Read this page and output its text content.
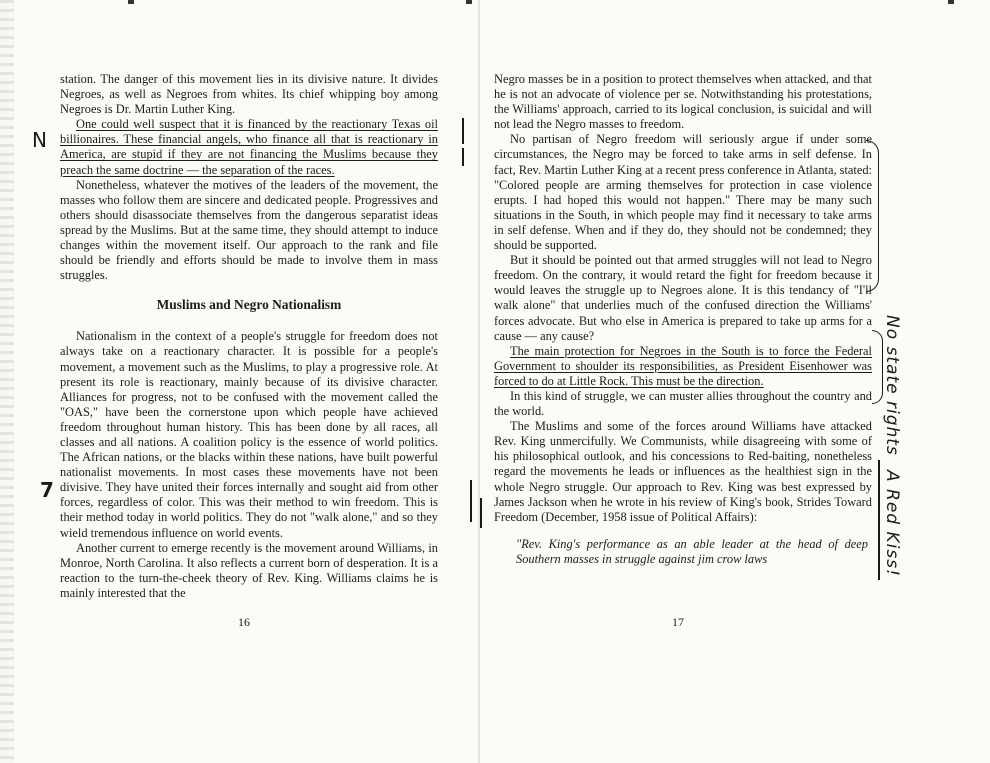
station. The danger of this movement lies in its divisive nature. It divides Negroes, as well as Negroes from whites. Its chief whipping boy among Negroes is Dr. Martin Luther King.

One could well suspect that it is financed by the reactionary Texas oil billionaires. These financial angels, who finance all that is reactionary in America, are stupid if they are not financing the Muslims because they preach the same doctrine — the separation of the races.

Nonetheless, whatever the motives of the leaders of the movement, the masses who follow them are sincere and dedicated people. Progressives and others should disassociate themselves from the dangerous separatist ideas spread by the Muslims. But at the same time, they should attempt to induce changes within the movement itself. Our approach to the rank and file should be friendly and efforts should be made to involve them in mass struggles.

Muslims and Negro Nationalism

Nationalism in the context of a people's struggle for freedom does not always take on a reactionary character. It is possible for a people's movement, a movement such as the Muslims, to play a progressive role. At present its role is reactionary, mainly because of its divisive character. Alliances for progress, not to be confused with the movement called the "OAS," have been the cornerstone upon which people have achieved freedom throughout human history. This has been done by all races, all classes and all nations. A coalition policy is the essence of world politics. The African nations, or the blacks within these nations, have built powerful nationalist movements. In most cases these movements have not been divisive. They have united their forces internally and sought aid from other forces, regardless of color. This was their method to win freedom. This is their method today in world politics. They do not "walk alone," and so they wield tremendous influence on world events.

Another current to emerge recently is the movement around Williams, in Monroe, North Carolina. It also reflects a current born of desperation. It is a reaction to the turn-the-cheek theory of Rev. King. Williams claims he is mainly interested that the

16

Negro masses be in a position to protect themselves when attacked, and that he is not an advocate of violence per se. Notwithstanding his protestations, the Williams' approach, carried to its logical conclusion, is suicidal and will not lead the Negro masses to freedom.

No partisan of Negro freedom will seriously argue if under some circumstances, the Negro may be forced to take arms in self defense. In fact, Rev. Martin Luther King at a recent press conference in Atlanta, stated: "Colored people are arming themselves for protection in case violence erupts. I had hoped this would not happen." There may be many such situations in the South, in which people may find it necessary to take arms in self defense. When and if they do, they should not be condemned; they should be supported.

But it should be pointed out that armed struggles will not lead to Negro freedom. On the contrary, it would retard the fight for freedom because it would leaves the struggle up to Negroes alone. It is this tendancy of "I'll walk alone" that underlies much of the confused direction the Williams' forces advocate. But who else in America is prepared to take up arms for a cause — any cause?

The main protection for Negroes in the South is to force the Federal Government to shoulder its responsibilities, as President Eisenhower was forced to do at Little Rock. This must be the direction.

In this kind of struggle, we can muster allies throughout the country and the world.

The Muslims and some of the forces around Williams have attacked Rev. King unmercifully. We Communists, while disagreeing with some of his philosophical outlook, and his concessions to Red-baiting, nonetheless regard the movements he leads or influences as the healthiest sign in the whole Negro struggle. Our approach to Rev. King was best expressed by James Jackson when he wrote in his review of King's book, Strides Toward Freedom (December, 1958 issue of Political Affairs):

"Rev. King's performance as an able leader at the head of deep Southern masses in struggle against jim crow laws

17
N
7
No state rights
A Red Kiss!
